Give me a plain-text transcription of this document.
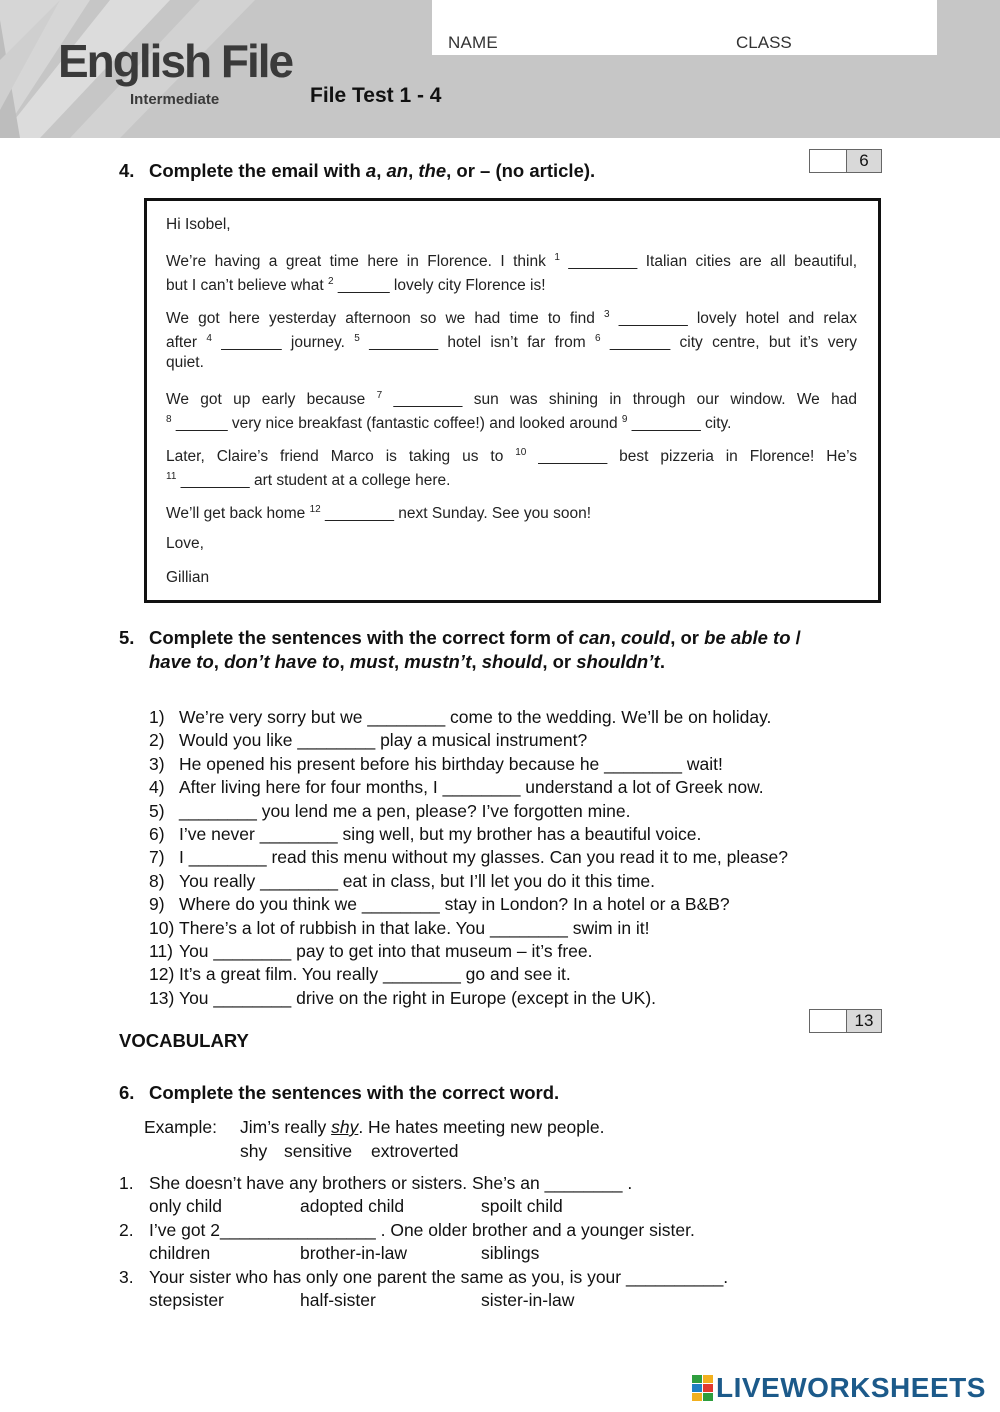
English File
Intermediate
NAME	CLASS
File Test 1 - 4
4. Complete the email with a, an, the, or – (no article).	6
Hi Isobel,
We’re having a great time here in Florence. I think $^1$ ________ Italian cities are all beautiful,
but I can’t believe what $^2$ ______ lovely city Florence is!
We got here yesterday afternoon so we had time to find $^3$ ________ lovely hotel and relax
after $^4$ _______ journey. $^5$ ________ hotel isn’t far from $^6$ _______ city centre, but it’s very
quiet.
We got up early because $^7$ ________ sun was shining in through our window. We had
$^8$ ______ very nice breakfast (fantastic coffee!) and looked around $^9$ ________ city.
Later, Claire’s friend Marco is taking us to $^{10}$ ________ best pizzeria in Florence! He’s
$^{11}$ ________ art student at a college here.
We’ll get back home $^{12}$ ________ next Sunday. See you soon!
Love,
Gillian
5. Complete the sentences with the correct form of can, could, or be able to /
have to, don’t have to, must, mustn’t, should, or shouldn’t.
1) We’re very sorry but we ________ come to the wedding. We’ll be on holiday.
2) Would you like ________ play a musical instrument?
3) He opened his present before his birthday because he ________ wait!
4) After living here for four months, I ________ understand a lot of Greek now.
5) ________ you lend me a pen, please? I’ve forgotten mine.
6) I’ve never ________ sing well, but my brother has a beautiful voice.
7) I ________ read this menu without my glasses. Can you read it to me, please?
8) You really ________ eat in class, but I’ll let you do it this time.
9) Where do you think we ________ stay in London? In a hotel or a B&B?
10) There’s a lot of rubbish in that lake. You ________ swim in it!
11) You ________ pay to get into that museum – it’s free.
12) It’s a great film. You really ________ go and see it.
13) You ________ drive on the right in Europe (except in the UK).
13
VOCABULARY
6. Complete the sentences with the correct word.
Example: Jim’s really shy. He hates meeting new people.
shy sensitive extroverted
1. She doesn’t have any brothers or sisters. She’s an ________ .
only child	adopted child	spoilt child
2. I’ve got 2________________ . One older brother and a younger sister.
children	brother-in-law	siblings
3. Your sister who has only one parent the same as you, is your __________.
stepsister	half-sister	sister-in-law
LIVEWORKSHEETS
